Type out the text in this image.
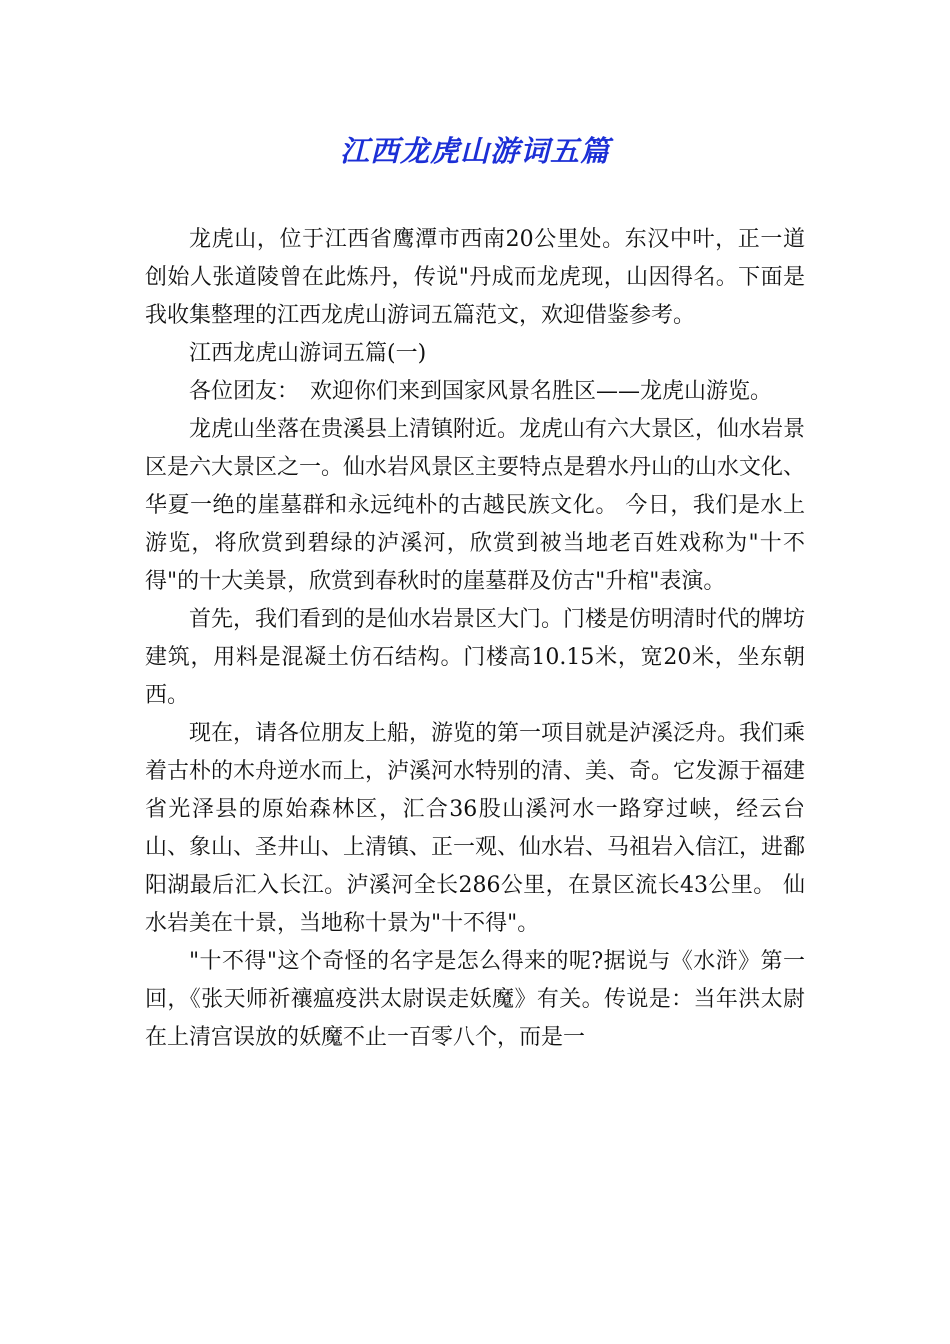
江西龙虎山游词五篇

龙虎山，位于江西省鹰潭市西南20公里处。东汉中叶，正一道创始人张道陵曾在此炼丹，传说"丹成而龙虎现，山因得名。下面是我收集整理的江西龙虎山游词五篇范文，欢迎借鉴参考。

江西龙虎山游词五篇(一)

各位团友：　欢迎你们来到国家风景名胜区——龙虎山游览。

龙虎山坐落在贵溪县上清镇附近。龙虎山有六大景区，仙水岩景区是六大景区之一。仙水岩风景区主要特点是碧水丹山的山水文化、华夏一绝的崖墓群和永远纯朴的古越民族文化。 今日，我们是水上游览，将欣赏到碧绿的泸溪河，欣赏到被当地老百姓戏称为"十不得"的十大美景，欣赏到春秋时的崖墓群及仿古"升棺"表演。

首先，我们看到的是仙水岩景区大门。门楼是仿明清时代的牌坊建筑，用料是混凝土仿石结构。门楼高10.15米，宽20米，坐东朝西。

现在，请各位朋友上船，游览的第一项目就是泸溪泛舟。我们乘着古朴的木舟逆水而上，泸溪河水特别的清、美、奇。它发源于福建省光泽县的原始森林区，汇合36股山溪河水一路穿过峡，经云台山、象山、圣井山、上清镇、正一观、仙水岩、马祖岩入信江，进鄱阳湖最后汇入长江。泸溪河全长286公里，在景区流长43公里。 仙水岩美在十景，当地称十景为"十不得"。

"十不得"这个奇怪的名字是怎么得来的呢?据说与《水浒》第一回，《张天师祈禳瘟疫洪太尉误走妖魔》有关。传说是：当年洪太尉在上清宫误放的妖魔不止一百零八个，而是一
